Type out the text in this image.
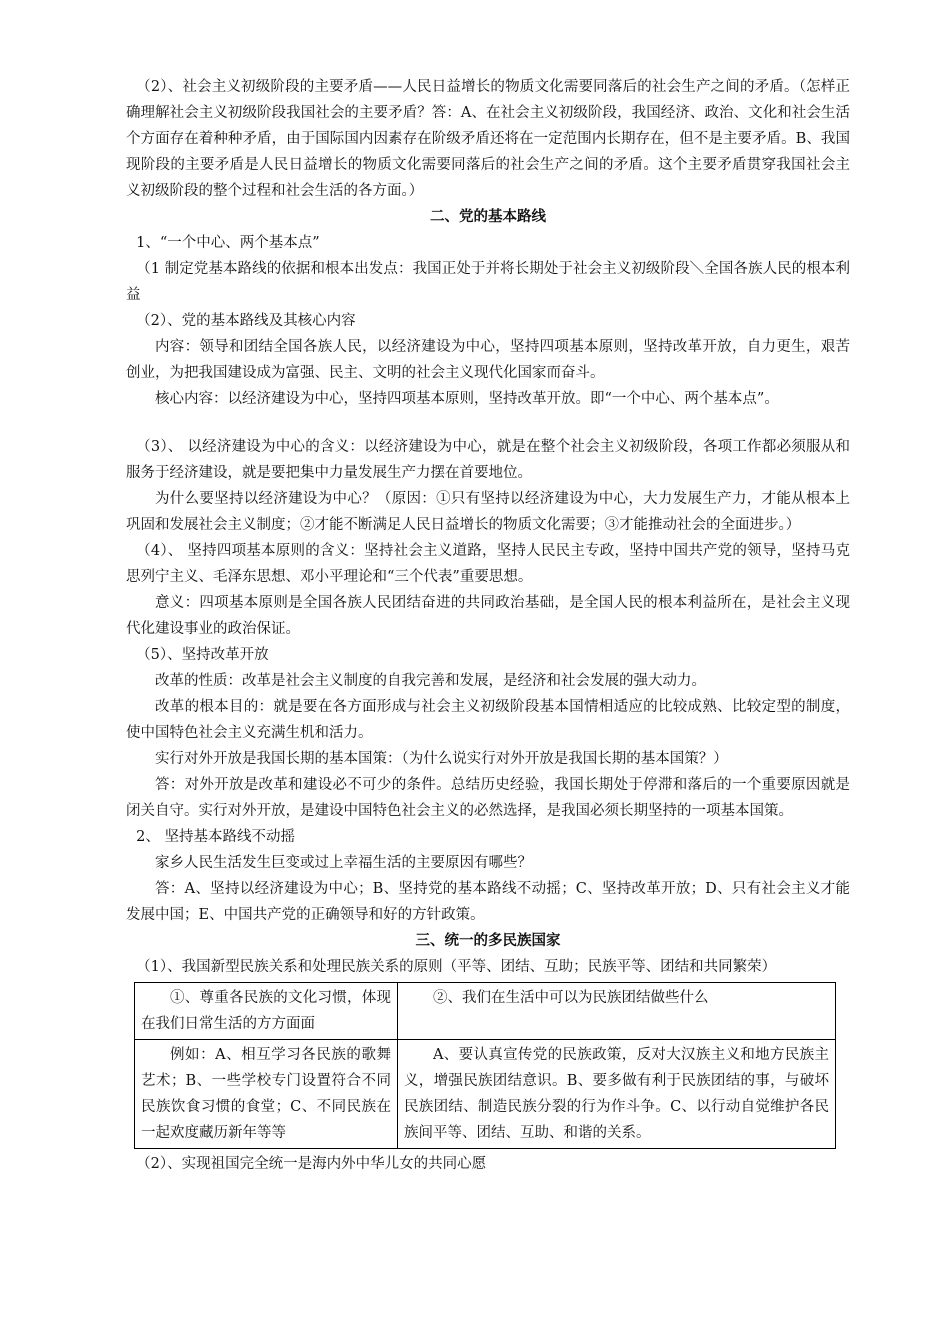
（2）、社会主义初级阶段的主要矛盾——人民日益增长的物质文化需要同落后的社会生产之间的矛盾。（怎样正确理解社会主义初级阶段我国社会的主要矛盾？答：A、在社会主义初级阶段，我国经济、政治、文化和社会生活个方面存在着种种矛盾，由于国际国内因素存在阶级矛盾还将在一定范围内长期存在，但不是主要矛盾。B、我国现阶段的主要矛盾是人民日益增长的物质文化需要同落后的社会生产之间的矛盾。这个主要矛盾贯穿我国社会主义初级阶段的整个过程和社会生活的各方面。）

二、党的基本路线

1、“一个中心、两个基本点”

（1 制定党基本路线的依据和根本出发点：我国正处于并将长期处于社会主义初级阶段＼全国各族人民的根本利益

（2）、党的基本路线及其核心内容

内容：领导和团结全国各族人民，以经济建设为中心，坚持四项基本原则，坚持改革开放，自力更生，艰苦创业，为把我国建设成为富强、民主、文明的社会主义现代化国家而奋斗。

核心内容：以经济建设为中心，坚持四项基本原则，坚持改革开放。即“一个中心、两个基本点”。

（3）、 以经济建设为中心的含义：以经济建设为中心，就是在整个社会主义初级阶段，各项工作都必须服从和服务于经济建设，就是要把集中力量发展生产力摆在首要地位。

为什么要坚持以经济建设为中心？（原因：①只有坚持以经济建设为中心，大力发展生产力，才能从根本上巩固和发展社会主义制度；②才能不断满足人民日益增长的物质文化需要；③才能推动社会的全面进步。）

（4）、 坚持四项基本原则的含义：坚持社会主义道路，坚持人民民主专政，坚持中国共产党的领导，坚持马克思列宁主义、毛泽东思想、邓小平理论和“三个代表”重要思想。

意义：四项基本原则是全国各族人民团结奋进的共同政治基础，是全国人民的根本利益所在，是社会主义现代化建设事业的政治保证。

（5）、坚持改革开放

改革的性质：改革是社会主义制度的自我完善和发展，是经济和社会发展的强大动力。

改革的根本目的：就是要在各方面形成与社会主义初级阶段基本国情相适应的比较成熟、比较定型的制度，使中国特色社会主义充满生机和活力。

实行对外开放是我国长期的基本国策：（为什么说实行对外开放是我国长期的基本国策？）

答：对外开放是改革和建设必不可少的条件。总结历史经验，我国长期处于停滞和落后的一个重要原因就是闭关自守。实行对外开放，是建设中国特色社会主义的必然选择，是我国必须长期坚持的一项基本国策。

2、 坚持基本路线不动摇

家乡人民生活发生巨变或过上幸福生活的主要原因有哪些？

答：A、坚持以经济建设为中心；B、坚持党的基本路线不动摇；C、坚持改革开放；D、只有社会主义才能发展中国；E、中国共产党的正确领导和好的方针政策。

三、统一的多民族国家

（1）、我国新型民族关系和处理民族关系的原则（平等、团结、互助；民族平等、团结和共同繁荣）

①、尊重各民族的文化习惯，体现在我们日常生活的方方面面	②、我们在生活中可以为民族团结做些什么

例如：A、相互学习各民族的歌舞艺术；B、一些学校专门设置符合不同民族饮食习惯的食堂；C、不同民族在一起欢度藏历新年等等	A、要认真宣传党的民族政策，反对大汉族主义和地方民族主义，增强民族团结意识。B、要多做有利于民族团结的事，与破坏民族团结、制造民族分裂的行为作斗争。C、以行动自觉维护各民族间平等、团结、互助、和谐的关系。

（2）、实现祖国完全统一是海内外中华儿女的共同心愿
